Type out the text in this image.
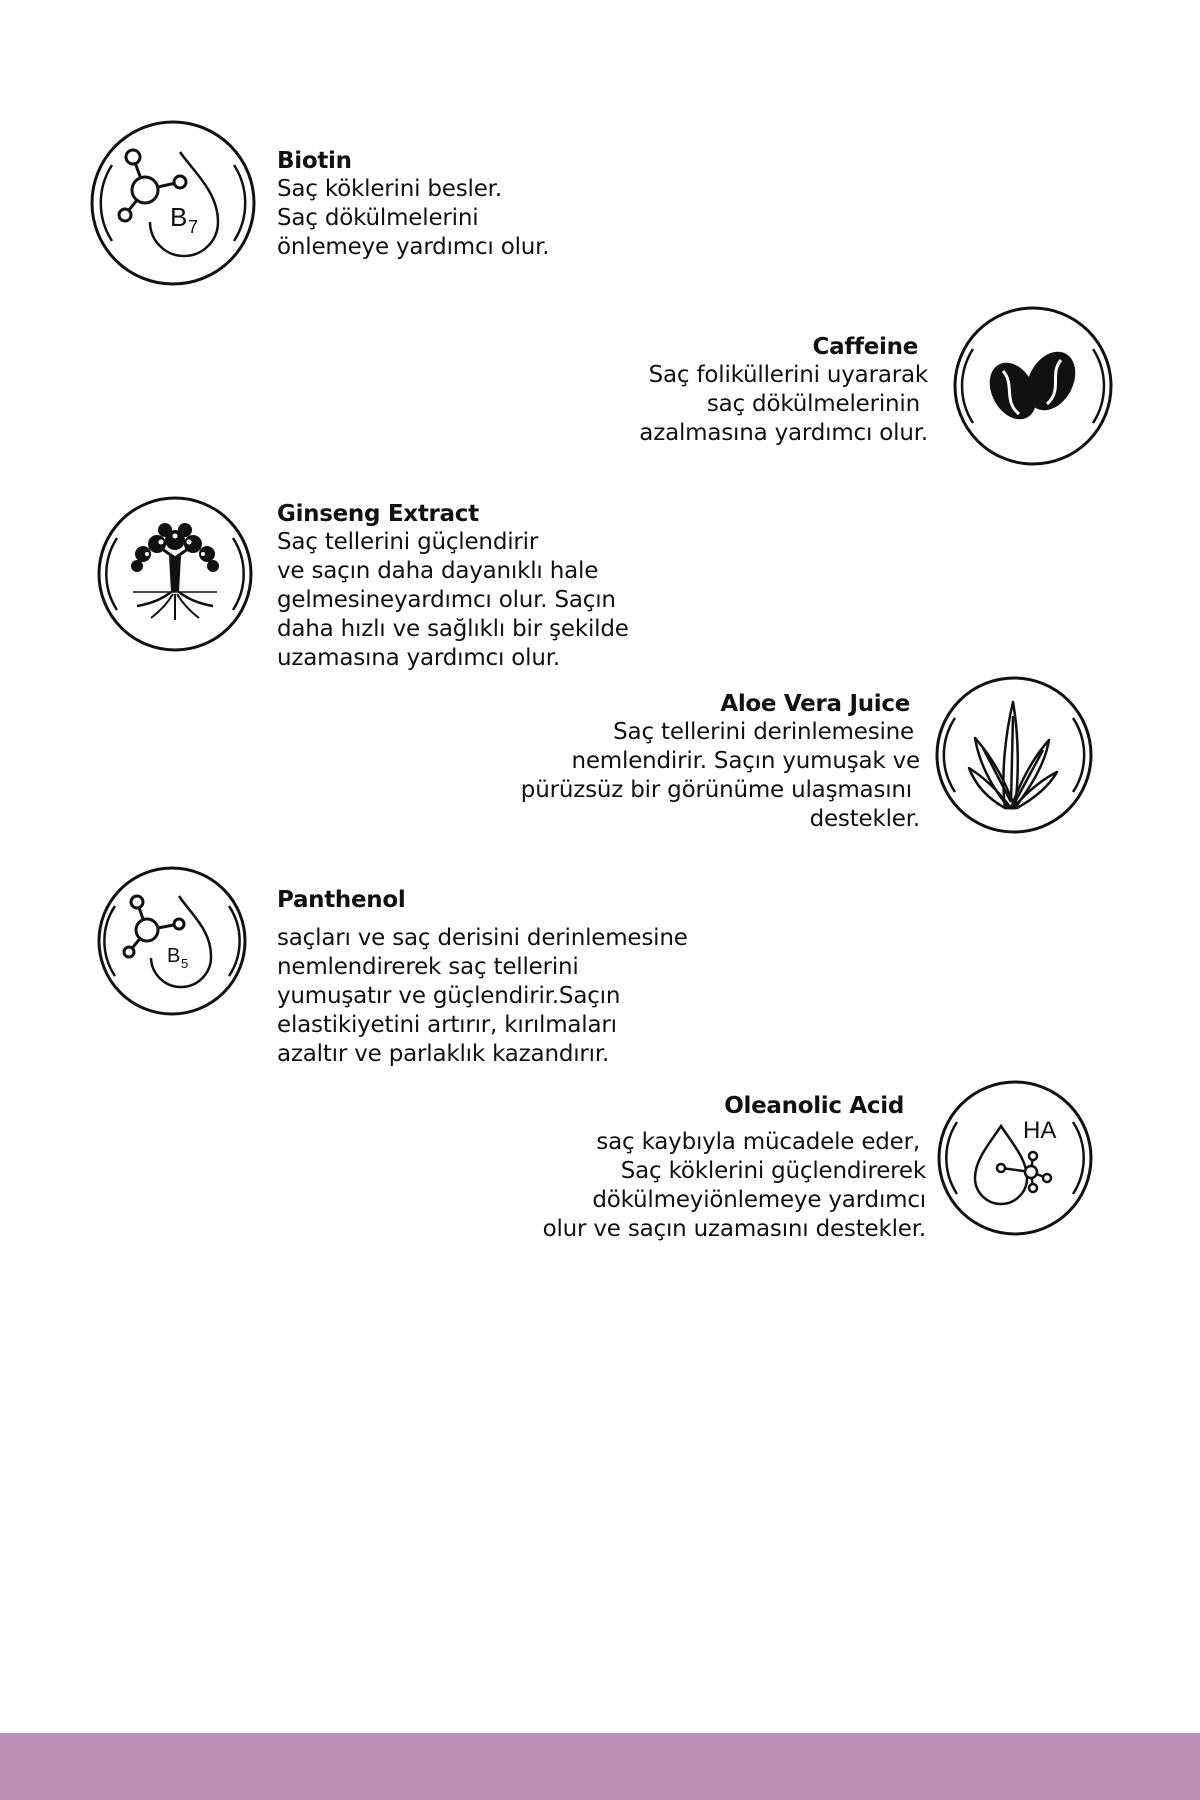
B 7
Biotin
Saç köklerini besler.
Saç dökülmelerini
önlemeye yardımcı olur.
Caffeine
Saç foliküllerini uyararak
saç dökülmelerinin
azalmasına yardımcı olur.
Ginseng Extract
Saç tellerini güçlendirir
ve saçın daha dayanıklı hale
gelmesineyardımcı olur. Saçın
daha hızlı ve sağlıklı bir şekilde
uzamasına yardımcı olur.
Aloe Vera Juice
Saç tellerini derinlemesine
nemlendirir. Saçın yumuşak ve
pürüzsüz bir görünüme ulaşmasını
destekler.
B 5
Panthenol
saçları ve saç derisini derinlemesine
nemlendirerek saç tellerini
yumuşatır ve güçlendirir.Saçın
elastikiyetini artırır, kırılmaları
azaltır ve parlaklık kazandırır.
Oleanolic Acid
saç kaybıyla mücadele eder,
Saç köklerini güçlendirerek
dökülmeyiönlemeye yardımcı
olur ve saçın uzamasını destekler.
HA
